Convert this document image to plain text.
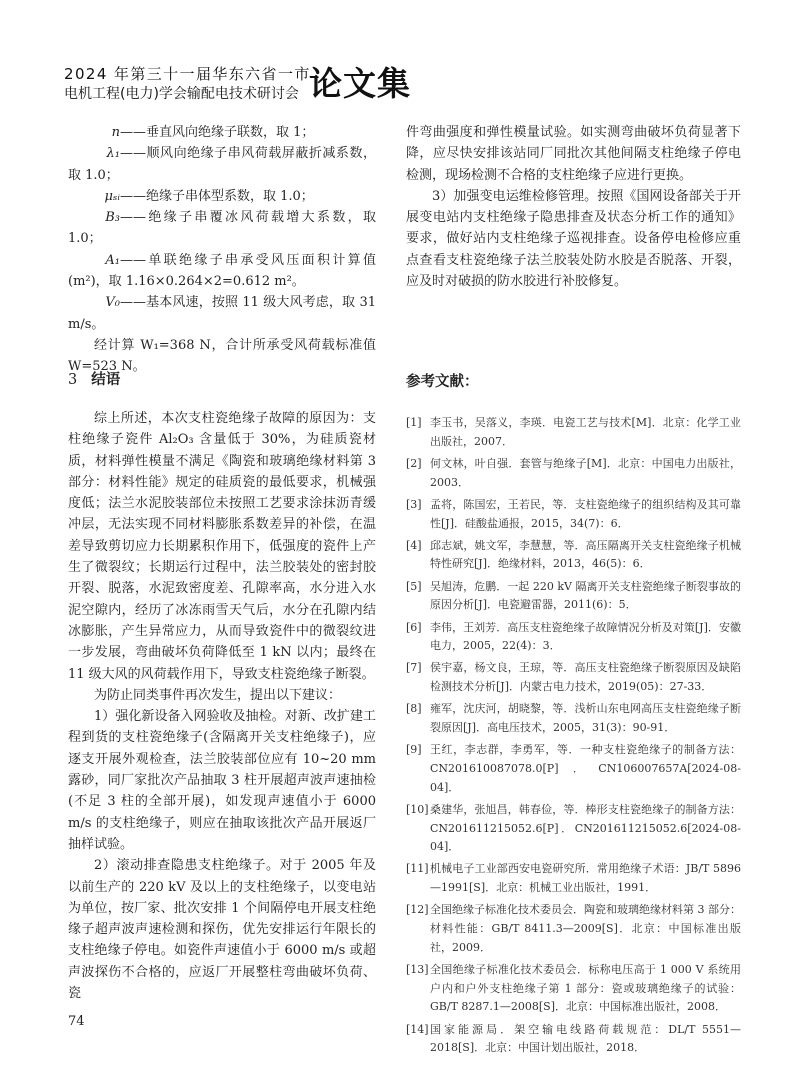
2024 年第三十一届华东六省一市
电机工程(电力)学会输配电技术研讨会 论文集

n——垂直风向绝缘子联数，取 1；

λ₁——顺风向绝缘子串风荷载屏蔽折减系数，取 1.0；

μₛᵢ——绝缘子串体型系数，取 1.0；

B₃——绝缘子串覆冰风荷载增大系数，取 1.0；

A₁——单联绝缘子串承受风压面积计算值(m²)，取 1.16×0.264×2=0.612 m²。

V₀——基本风速，按照 11 级大风考虑，取 31 m/s。

经计算 W₁=368 N，合计所承受风荷载标准值 W=523 N。

3 结语

综上所述，本次支柱瓷绝缘子故障的原因为：支柱绝缘子瓷件 Al₂O₃ 含量低于 30%，为硅质瓷材质，材料弹性模量不满足《陶瓷和玻璃绝缘材料第 3 部分：材料性能》规定的硅质瓷的最低要求，机械强度低；法兰水泥胶装部位未按照工艺要求涂抹沥青缓冲层，无法实现不同材料膨胀系数差异的补偿，在温差导致剪切应力长期累积作用下，低强度的瓷件上产生了微裂纹；长期运行过程中，法兰胶装处的密封胶开裂、脱落，水泥致密度差、孔隙率高，水分进入水泥空隙内，经历了冰冻雨雪天气后，水分在孔隙内结冰膨胀，产生异常应力，从而导致瓷件中的微裂纹进一步发展，弯曲破坏负荷降低至 1 kN 以内；最终在 11 级大风的风荷载作用下，导致支柱瓷绝缘子断裂。

为防止同类事件再次发生，提出以下建议：

1）强化新设备入网验收及抽检。对新、改扩建工程到货的支柱瓷绝缘子(含隔离开关支柱绝缘子)，应逐支开展外观检查，法兰胶装部位应有 10~20 mm 露砂，同厂家批次产品抽取 3 柱开展超声波声速抽检(不足 3 柱的全部开展)，如发现声速值小于 6000 m/s 的支柱绝缘子，则应在抽取该批次产品开展返厂抽样试验。

2）滚动排查隐患支柱绝缘子。对于 2005 年及以前生产的 220 kV 及以上的支柱绝缘子，以变电站为单位，按厂家、批次安排 1 个间隔停电开展支柱绝缘子超声波声速检测和探伤，优先安排运行年限长的支柱绝缘子停电。如瓷件声速值小于 6000 m/s 或超声波探伤不合格的，应返厂开展整柱弯曲破坏负荷、瓷

件弯曲强度和弹性模量试验。如实测弯曲破坏负荷显著下降，应尽快安排该站同厂同批次其他间隔支柱绝缘子停电检测，现场检测不合格的支柱绝缘子应进行更换。

3）加强变电运维检修管理。按照《国网设备部关于开展变电站内支柱绝缘子隐患排查及状态分析工作的通知》要求，做好站内支柱绝缘子巡视排查。设备停电检修应重点查看支柱瓷绝缘子法兰胶装处防水胶是否脱落、开裂，应及时对破损的防水胶进行补胶修复。

参考文献：
[1] 李玉书，吴落义，李瑛．电瓷工艺与技术[M]．北京：化学工业出版社，2007．
[2] 何文林，叶自强．套管与绝缘子[M]．北京：中国电力出版社，2003．
[3] 孟将，陈国宏，王若民，等．支柱瓷绝缘子的组织结构及其可靠性[J]．硅酸盐通报，2015，34(7)：6．
[4] 邱志斌，姚文军，李慧慧，等．高压隔离开关支柱瓷绝缘子机械特性研究[J]．绝缘材料，2013，46(5)：6．
[5] 吴旭涛，危鹏．一起 220 kV 隔离开关支柱瓷绝缘子断裂事故的原因分析[J]．电瓷避雷器，2011(6)：5．
[6] 李伟，王刘芳．高压支柱瓷绝缘子故障情况分析及对策[J]．安徽电力，2005，22(4)：3．
[7] 侯宇嘉，杨文良，王琼，等．高压支柱瓷绝缘子断裂原因及缺陷检测技术分析[J]．内蒙古电力技术，2019(05)：27-33．
[8] 雍军，沈庆河，胡晓黎，等．浅析山东电网高压支柱瓷绝缘子断裂原因[J]．高电压技术，2005，31(3)：90-91．
[9] 王红，李志群，李勇军，等．一种支柱瓷绝缘子的制备方法：CN201610087078.0[P]．CN106007657A[2024-08-04]．
[10] 桑建华，张旭昌，韩春俭，等．棒形支柱瓷绝缘子的制备方法：CN201611215052.6[P]．CN201611215052.6[2024-08-04]．
[11] 机械电子工业部西安电瓷研究所．常用绝缘子术语：JB/T 5896—1991[S]．北京：机械工业出版社，1991．
[12] 全国绝缘子标准化技术委员会．陶瓷和玻璃绝缘材料第 3 部分：材料性能：GB/T 8411.3—2009[S]．北京：中国标准出版社，2009．
[13] 全国绝缘子标准化技术委员会．标称电压高于 1 000 V 系统用户内和户外支柱绝缘子第 1 部分：瓷或玻璃绝缘子的试验：GB/T 8287.1—2008[S]．北京：中国标准出版社，2008．
[14] 国家能源局．架空输电线路荷载规范：DL/T 5551—2018[S]．北京：中国计划出版社，2018．
74
